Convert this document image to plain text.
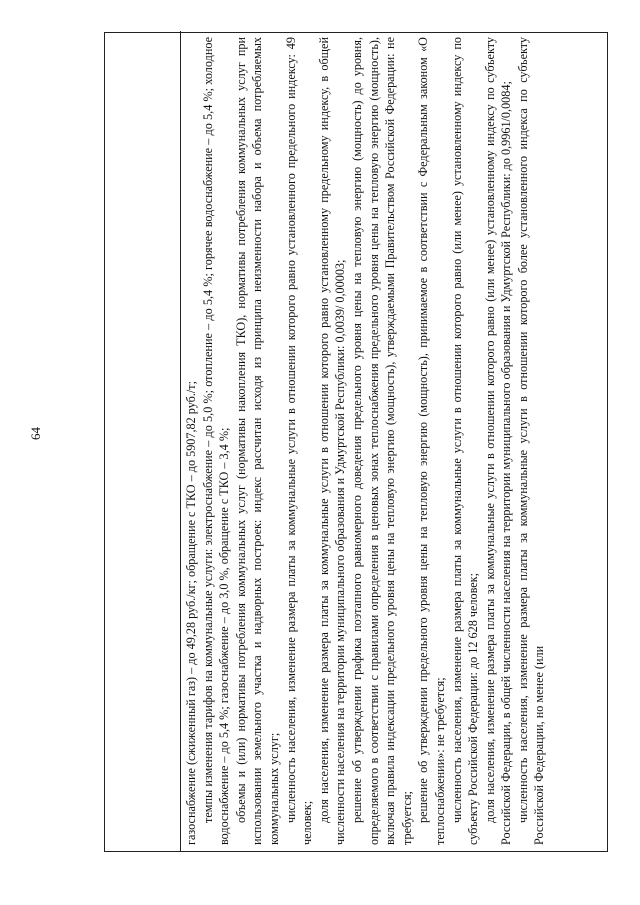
64	газоснабжение (сжиженный газ) – до 49,28 руб./кг; обращение с ТКО – до 5907,82 руб./т; темпы изменения тарифов на коммунальные услуги: электроснабжение – до 5,0 %; отопление – до 5,4 %; горячее водоснабжение – до 5,4 %; холодное водоснабжение – до 5,4 %; газоснабжение – до 3,0 %, обращение с ТКО – 3,4 %; объемы и (или) нормативы потребления коммунальных услуг (нормативы накопления ТКО), нормативы потребления коммунальных услуг при использовании земельного участка и надворных построек: индекс рассчитан исходя из принципа неизменности набора и объема потребляемых коммунальных услуг; численность населения, изменение размера платы за коммунальные услуги в отношении которого равно установленного предельного индексу: 49 человек; доля населения, изменение размера платы за коммунальные услуги в отношении которого равно установленному предельному индексу, в общей численности населения на территории муниципального образования и Удмуртской Республики: 0,0039/ 0,00003; решение об утверждении графика поэтапного равномерного доведения предельного уровня цены на тепловую энергию (мощность) до уровня, определяемого в соответствии с правилами определения в ценовых зонах теплоснабжения предельного уровня цены на тепловую энергию (мощность), включая правила индексации предельного уровня цены на тепловую энергию (мощность), утверждаемыми Правительством Российской Федерации: не требуется; решение об утверждении предельного уровня цены на тепловую энергию (мощность), принимаемое в соответствии с Федеральным законом «О теплоснабжении»: не требуется; численность населения, изменение размера платы за коммунальные услуги в отношении которого равно (или менее) установленному индексу по субъекту Российской Федерации: до 12 628 человек; доля населения, изменение размера платы за коммунальные услуги в отношении которого равно (или менее) установленному индексу по субъекту Российской Федерации, в общей численности населения на территории муниципального образования и Удмуртской Республики: до 0,9961/0,0084; численность населения, изменение размера платы за коммунальные услуги в отношении которого более установленного индекса по субъекту Российской Федерации, но менее (или
